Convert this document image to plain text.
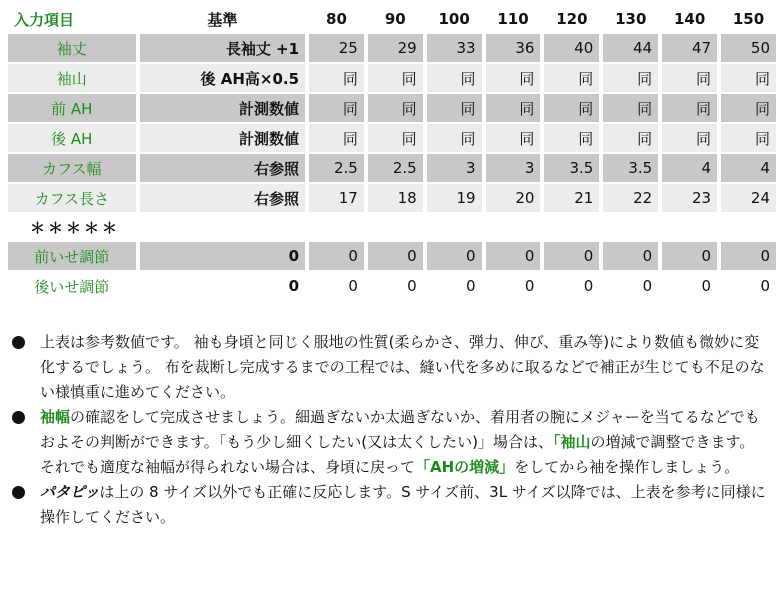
入力項目	基準	80	90	100	110	120	130	140	150
袖丈	長袖丈 +1	25	29	33	36	40	44	47	50
袖山	後 AH高×0.5	同	同	同	同	同	同	同	同
前 AH	計測数値	同	同	同	同	同	同	同	同
後 AH	計測数値	同	同	同	同	同	同	同	同
カフス幅	右参照	2.5	2.5	3	3	3.5	3.5	4	4
カフス長さ	右参照	17	18	19	20	21	22	23	24
＊＊＊＊＊									
前いせ調節	0	0	0	0	0	0	0	0	0
後いせ調節	0	0	0	0	0	0	0	0	0
上表は参考数値です。 袖も身頃と同じく服地の性質(柔らかさ、弾力、伸び、重み等)により数値も微妙に変化するでしょう。 布を裁断し完成するまでの工程では、縫い代を多めに取るなどで補正が生じても不足のない様慎重に進めてください。
袖幅の確認をして完成させましょう。細過ぎないか太過ぎないか、着用者の腕にメジャーを当てるなどでもおよその判断ができます。「もう少し細くしたい(又は太くしたい)」場合は、「袖山の増減で調整できます。 それでも適度な袖幅が得られない場合は、身頃に戻って「AHの増減」をしてから袖を操作しましょう。
パタピッは上の 8 サイズ以外でも正確に反応します。S サイズ前、3L サイズ以降では、上表を参考に同様に操作してください。
